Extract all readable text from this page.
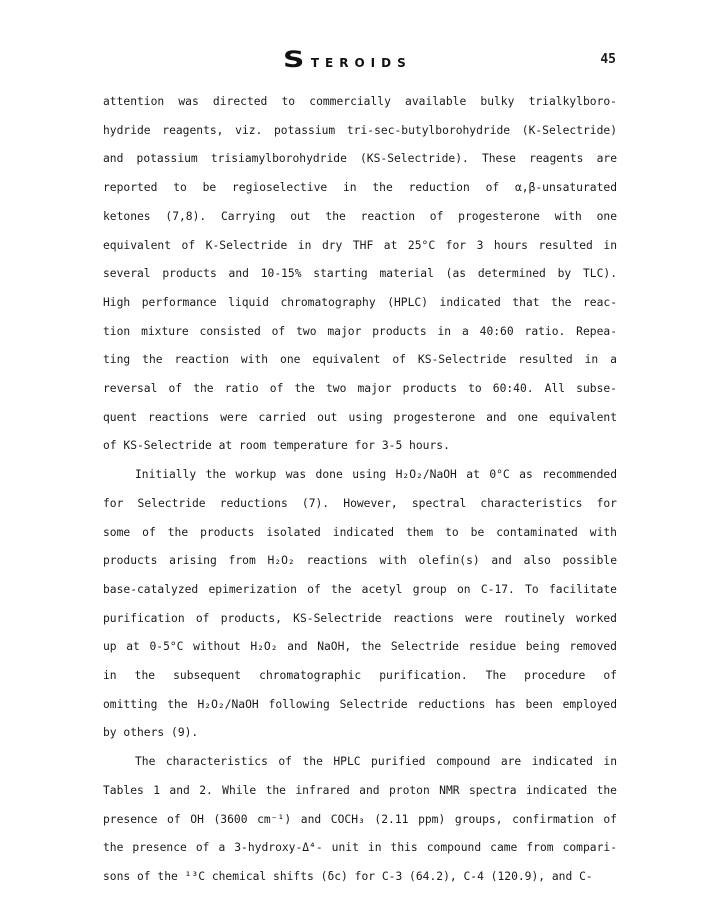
STEROIDS	45
attention was directed to commercially available bulky trialkylboro-
hydride reagents, viz. potassium tri-sec-butylborohydride (K-Selectride)
and potassium trisiamylborohydride (KS-Selectride). These reagents are
reported to be regioselective in the reduction of α,β-unsaturated
ketones (7,8). Carrying out the reaction of progesterone with one
equivalent of K-Selectride in dry THF at 25°C for 3 hours resulted in
several products and 10-15% starting material (as determined by TLC).
High performance liquid chromatography (HPLC) indicated that the reac-
tion mixture consisted of two major products in a 40:60 ratio. Repea-
ting the reaction with one equivalent of KS-Selectride resulted in a
reversal of the ratio of the two major products to 60:40. All subse-
quent reactions were carried out using progesterone and one equivalent
of KS-Selectride at room temperature for 3-5 hours.
Initially the workup was done using H₂O₂/NaOH at 0°C as recommended
for Selectride reductions (7). However, spectral characteristics for
some of the products isolated indicated them to be contaminated with
products arising from H₂O₂ reactions with olefin(s) and also possible
base-catalyzed epimerization of the acetyl group on C-17. To facilitate
purification of products, KS-Selectride reactions were routinely worked
up at 0-5°C without H₂O₂ and NaOH, the Selectride residue being removed
in the subsequent chromatographic purification. The procedure of
omitting the H₂O₂/NaOH following Selectride reductions has been employed
by others (9).
The characteristics of the HPLC purified compound are indicated in
Tables 1 and 2. While the infrared and proton NMR spectra indicated the
presence of OH (3600 cm⁻¹) and COCH₃ (2.11 ppm) groups, confirmation of
the presence of a 3-hydroxy-Δ⁴- unit in this compound came from compari-
sons of the ¹³C chemical shifts (δc) for C-3 (64.2), C-4 (120.9), and C-
